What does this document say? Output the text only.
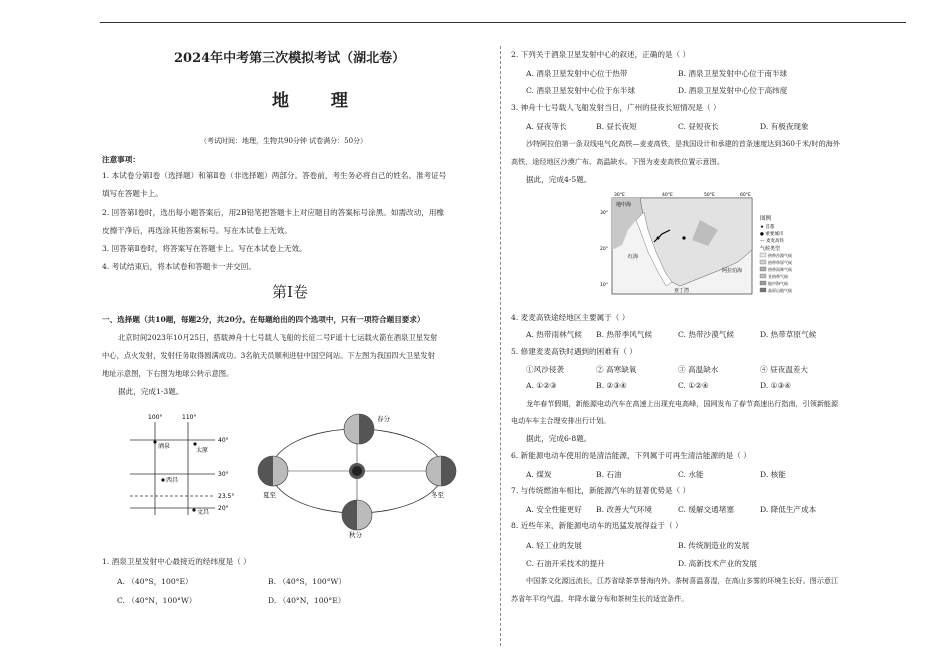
2024年中考第三次模拟考试（湖北卷）
地 理
（考试时间：地理，生物共90分钟 试卷满分：50分）
注意事项：
1. 本试卷分第Ⅰ卷（选择题）和第Ⅱ卷（非选择题）两部分。答卷前，考生务必将自己的姓名、准考证号
填写在答题卡上。
2. 回答第Ⅰ卷时，选出每小题答案后，用2B铅笔把答题卡上对应题目的答案标号涂黑。如需改动，用橡
皮擦干净后，再选涂其他答案标号。写在本试卷上无效。
3. 回答第Ⅱ卷时，将答案写在答题卡上。写在本试卷上无效。
4. 考试结束后，将本试卷和答题卡一并交回。
第Ⅰ卷
一、选择题（共10题，每题2分，共20分。在每题给出的四个选项中，只有一项符合题目要求）
北京时间2023年10月25日，搭载神舟十七号载人飞船的长征二号F遥十七运载火箭在酒泉卫星发射
中心，点火发射，发射任务取得圆满成功。3名航天员顺利进驻中国空间站。下左图为我国四大卫星发射
地址示意图，下右图为地球公转示意图。
据此，完成1-3题。
100°	110°
40°
30°
23.5°
20°
酒泉
太原
西昌
文昌
春分
夏至
秋分
冬至
1. 酒泉卫星发射中心最接近的经纬度是（ ）
A. （40°S，100°E）	B. （40°S，100°W）
C. （40°N，100°W）	D. （40°N，100°E）
2. 下列关于酒泉卫星发射中心的叙述，正确的是（ ）
A. 酒泉卫星发射中心位于热带	B. 酒泉卫星发射中心位于南半球
C. 酒泉卫星发射中心位于东半球	D. 酒泉卫星发射中心位于高纬度
3. 神舟十七号载人飞船发射当日，广州的昼夜长短情况是（ ）
A. 昼夜等长	B. 昼长夜短	C. 昼短夜长	D. 有极夜现象
沙特阿拉伯第一条双线电气化高铁—麦麦高铁，是我国设计和承建的首条速度达到360千米/时的海外
高铁，途经地区沙漠广布、高温缺水。下图为麦麦高铁位置示意图。
据此，完成4-5题。
地中海
红海
阿拉伯海
亚丁湾
30°E	40°E	50°E	60°E
30°
20°
10°
图例
★ 首都
● 重要城市
— 麦麦高铁
气候类型
热带沙漠气候
热带草原气候
热带雨林气候
亚热带气候
地中海气候
高原山地气候
4. 麦麦高铁途经地区主要属于（ ）
A. 热带雨林气候 B. 热带季风气候	C. 热带沙漠气候	D. 热带草原气候
5. 修建麦麦高铁时遇到的困难有（ ）
①风沙侵袭	② 高寒缺氧	③ 高温缺水	④ 昼夜温差大
A. ①②③	B. ②③④	C. ①②④	D. ①③④
龙年春节假期，新能源电动汽车在高速上出现充电高峰，国网发布了春节高速出行指南，引领新能源
电动车车主合理安排出行计划。
据此，完成6-8题。
6. 新能源电动车使用的是清洁能源，下列属于可再生清洁能源的是（ ）
A. 煤炭	B. 石油	C. 水能	D. 核能
7. 与传统燃油车相比，新能源汽车的显著优势是（ ）
A. 安全性能更好 B. 改善大气环境	C. 缓解交通堵塞	D. 降低生产成本
8. 近些年来，新能源电动车的迅猛发展得益于（ ）
A. 轻工业的发展	B. 传统制造业的发展
C. 石油开采技术的提升	D. 高新技术产业的发展
中国茶文化源远流长，江苏省绿茶享誉海内外。茶树喜温喜湿，在高山多雾的环境生长好。图示意江
苏省年平均气温、年降水量分布和茶树生长的适宜条件。
